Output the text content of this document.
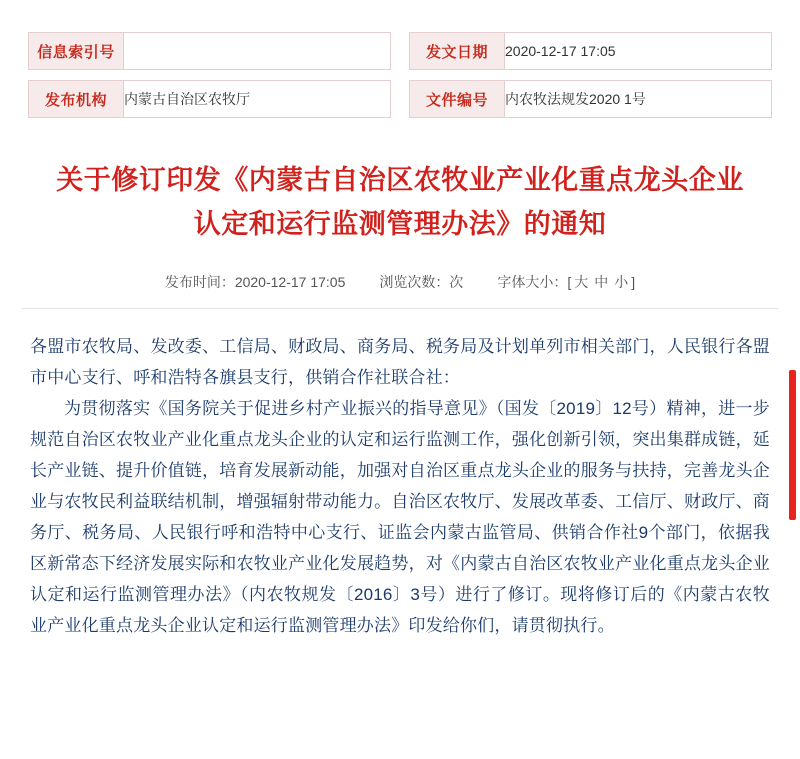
信息索引号			发文日期	2020-12-17 17:05
发布机构	内蒙古自治区农牧厅		文件编号	内农牧法规发2020 1号
关于修订印发《内蒙古自治区农牧业产业化重点龙头企业认定和运行监测管理办法》的通知
发布时间：2020-12-17 17:05 浏览次数：次 字体大小：[ 大 中 小 ]

各盟市农牧局、发改委、工信局、财政局、商务局、税务局及计划单列市相关部门，人民银行各盟市中心支行、呼和浩特各旗县支行，供销合作社联合社：

为贯彻落实《国务院关于促进乡村产业振兴的指导意见》（国发〔2019〕12号）精神，进一步规范自治区农牧业产业化重点龙头企业的认定和运行监测工作，强化创新引领，突出集群成链，延长产业链、提升价值链，培育发展新动能，加强对自治区重点龙头企业的服务与扶持，完善龙头企业与农牧民利益联结机制，增强辐射带动能力。自治区农牧厅、发展改革委、工信厅、财政厅、商务厅、税务局、人民银行呼和浩特中心支行、证监会内蒙古监管局、供销合作社9个部门，依据我区新常态下经济发展实际和农牧业产业化发展趋势，对《内蒙古自治区农牧业产业化重点龙头企业认定和运行监测管理办法》（内农牧规发〔2016〕3号）进行了修订。现将修订后的《内蒙古农牧业产业化重点龙头企业认定和运行监测管理办法》印发给你们，请贯彻执行。
